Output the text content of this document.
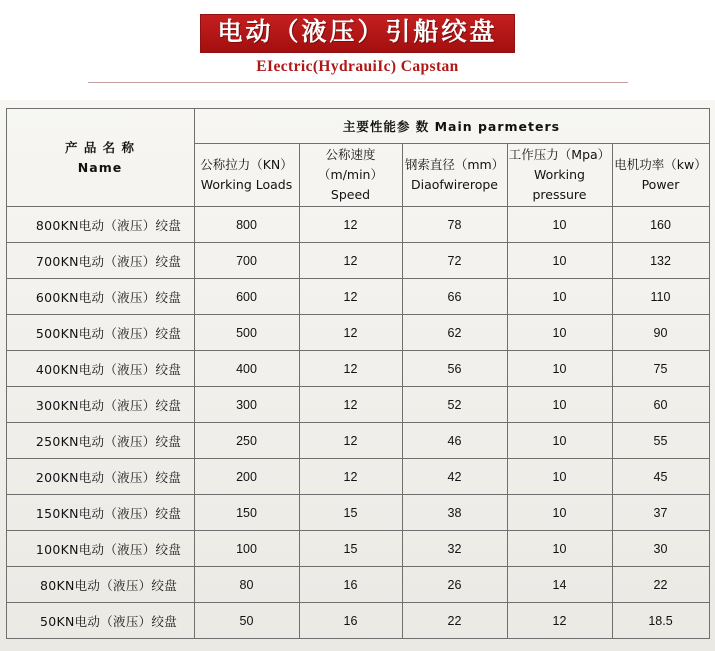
电动（液压）引船绞盘
EIectric(HydrauiIc) Capstan
产 品 名 称
Name	主要性能参 数 Main parmeters				

公称拉力（KN）
Working Loads

公称速度（m/min）
Speed

钢索直径（mm）
Diaofwirerope

工作压力（Mpa）
Working pressure

电机功率（kw）
Power

800KN电动（液压）绞盘	800	12	78	10	160
700KN电动（液压）绞盘	700	12	72	10	132
600KN电动（液压）绞盘	600	12	66	10	110
500KN电动（液压）绞盘	500	12	62	10	90
400KN电动（液压）绞盘	400	12	56	10	75
300KN电动（液压）绞盘	300	12	52	10	60
250KN电动（液压）绞盘	250	12	46	10	55
200KN电动（液压）绞盘	200	12	42	10	45
150KN电动（液压）绞盘	150	15	38	10	37
100KN电动（液压）绞盘	100	15	32	10	30
80KN电动（液压）绞盘	80	16	26	14	22
50KN电动（液压）绞盘	50	16	22	12	18.5
